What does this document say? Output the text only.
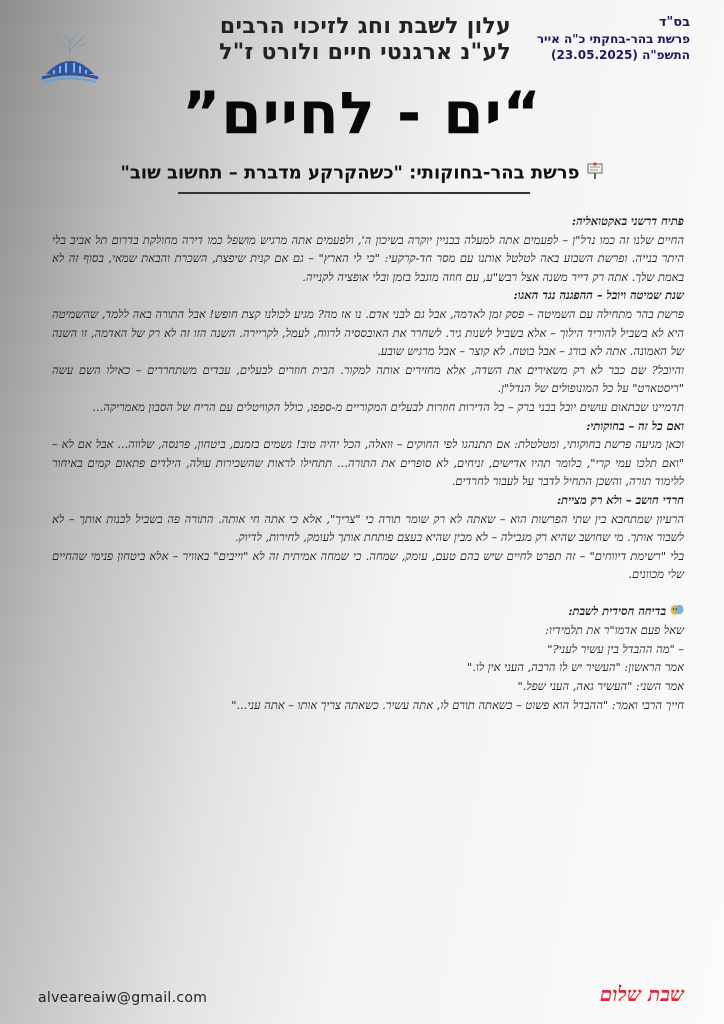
עלון לשבת וחג לזיכוי הרבים
לע"נ ארגנטי חיים ולורט ז"ל
בס"ד
פרשת בהר-בחקתי כ"ה אייר
התשפ"ה (23.05.2025)
“ים - לחיים”
פרשת בהר-בחוקותי: "כשהקרקע מדברת – תחשוב שוב"

פתיח דרשני באקטואליה:

החיים שלנו זה כמו נדל"ן – לפעמים אתה למעלה בבניין יוקרה בשיכון ה', ולפעמים אתה מרגיש מושפל כמו דירה מחולקת בדרום תל אביב בלי היתר בנייה. ופרשת השבוע באה לטלטל אותנו עם מסר חד-קרקעי: "כי לי הארץ" – גם אם קנית שיפצת, השכרת והבאת שמאי, בסוף זה לא באמת שלך. אתה רק דייר משנה אצל רבש"ע, עם חוזה מוגבל בזמן ובלי אופציה לקנייה.

שנת שמיטה ויובל – ההפגנה נגד האגו:

פרשת בהר מתחילה עם השמיטה – פסק זמן לאדמה, אבל גם לבני אדם. נו אז מה? מגיע לכולנו קצת חופש! אבל התורה באה ללמד, שהשמיטה היא לא בשביל להוריד הילוך – אלא בשביל לשנות גיר. לשחרר את האובססיה לרווח, לעמל, לקריירה. השנה הזו זה לא רק של האדמה, זו השנה של האמונה. אתה לא בורג – אבל בוטח. לא קוצר – אבל מרגיש שובע.

והיובל? שם כבר לא רק משאירים את השדה, אלא מחזירים אותה למקור. הבית חוזרים לבעלים, עבדים משתחררים – כאילו השם עשה "ריסטארט" על כל המונופולים של הנדל"ן.

תדמיינו שבתאום עושים יובל בבני ברק – כל הדירות חוזרות לבעלים המקוריים מ-ספפו, כולל הקוויטלים עם הריח של הסבון מאמריקה...

ואם כל זה – בחוקותי:

וכאן מגיעה פרשת בחוקותי, ומטלטלת: אם תתנהגו לפי החוקים – וואלה, הכל יהיה טוב! גשמים בזמנם, ביטחון, פרנסה, שלווה... אבל אם לא – "ואם תלכו עמי קרי", כלומר תהיו אדישים, זניחים, לא סופרים את התורה... תתחילו לראות שהשכירות עולה, הילדים פתאום קמים באיחור ללימוד תורה, והשכן התחיל לדבר על לעבור לחרדים.

חרדי חושב – ולא רק מציית:

הרעיון שמתחבא בין שתי הפרשות הוא – שאתה לא רק שומר תורה כי "צריך", אלא כי אתה חי אותה. התורה פה בשביל לבנות אותך – לא לשבור אותך. מי שחושב שהיא רק מגבילה – לא מבין שהיא בעצם פותחת אותך לעומק, לחירות, לדיוק.

בלי "רשימת דיווחים" – זה תפרט לחיים שיש בהם טעם, עומק, שמחה. כי שמחה אמיתית זה לא "וייבים" באוויר – אלא ביטחון פנימי שהחיים שלי מכוונים.

בדיחה חסידית לשבת:

שאל פעם אדמו"ר את תלמידיו:

– "מה ההבדל בין עשיר לעני?"

אמר הראשון: "העשיר יש לו הרבה, העני אין לו."

אמר השני: "העשיר גאה, העני שפל."

חייך הרבי ואמר: "ההבדל הוא פשוט – כשאתה תורם לו, אתה עשיר. כשאתה צריך אותו – אתה עני..."

alveareaiw@gmail.com	שבת שלום
